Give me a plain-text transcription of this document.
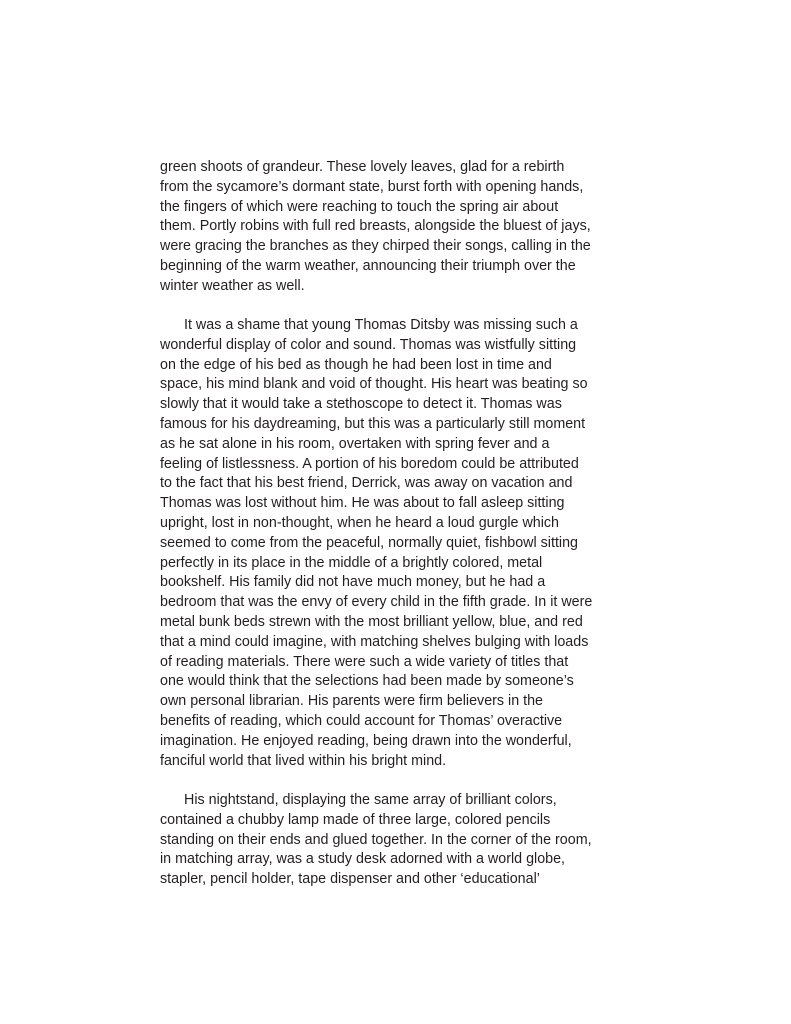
green shoots of grandeur. These lovely leaves, glad for a rebirth from the sycamore’s dormant state, burst forth with opening hands, the fingers of which were reaching to touch the spring air about them. Portly robins with full red breasts, alongside the bluest of jays, were gracing the branches as they chirped their songs, calling in the beginning of the warm weather, announcing their triumph over the winter weather as well.

It was a shame that young Thomas Ditsby was missing such a wonderful display of color and sound. Thomas was wistfully sitting on the edge of his bed as though he had been lost in time and space, his mind blank and void of thought. His heart was beating so slowly that it would take a stethoscope to detect it. Thomas was famous for his daydreaming, but this was a particularly still moment as he sat alone in his room, overtaken with spring fever and a feeling of listlessness. A portion of his boredom could be attributed to the fact that his best friend, Derrick, was away on vacation and Thomas was lost without him. He was about to fall asleep sitting upright, lost in non-thought, when he heard a loud gurgle which seemed to come from the peaceful, normally quiet, fishbowl sitting perfectly in its place in the middle of a brightly colored, metal bookshelf. His family did not have much money, but he had a bedroom that was the envy of every child in the fifth grade. In it were metal bunk beds strewn with the most brilliant yellow, blue, and red that a mind could imagine, with matching shelves bulging with loads of reading materials. There were such a wide variety of titles that one would think that the selections had been made by someone’s own personal librarian. His parents were firm believers in the benefits of reading, which could account for Thomas’ overactive imagination. He enjoyed reading, being drawn into the wonderful, fanciful world that lived within his bright mind.

His nightstand, displaying the same array of brilliant colors, contained a chubby lamp made of three large, colored pencils standing on their ends and glued together. In the corner of the room, in matching array, was a study desk adorned with a world globe, stapler, pencil holder, tape dispenser and other ‘educational’
